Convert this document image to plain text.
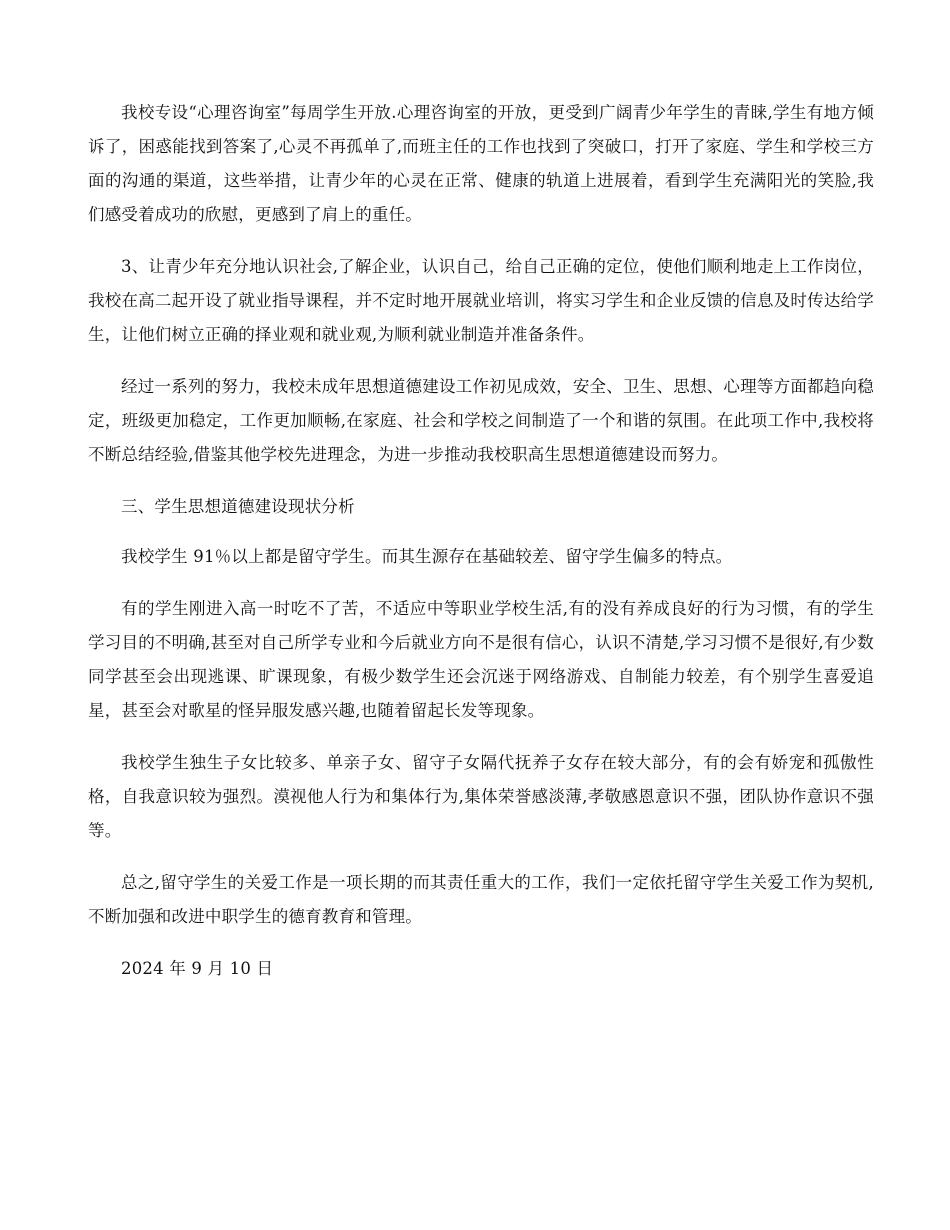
我校专设“心理咨询室”每周学生开放.心理咨询室的开放，更受到广阔青少年学生的青睐,学生有地方倾诉了，困惑能找到答案了,心灵不再孤单了,而班主任的工作也找到了突破口，打开了家庭、学生和学校三方面的沟通的渠道，这些举措，让青少年的心灵在正常、健康的轨道上进展着，看到学生充满阳光的笑脸,我们感受着成功的欣慰，更感到了肩上的重任。

3、让青少年充分地认识社会,了解企业，认识自己，给自己正确的定位，使他们顺利地走上工作岗位，我校在高二起开设了就业指导课程，并不定时地开展就业培训，将实习学生和企业反馈的信息及时传达给学生，让他们树立正确的择业观和就业观,为顺利就业制造并准备条件。

经过一系列的努力，我校未成年思想道德建设工作初见成效，安全、卫生、思想、心理等方面都趋向稳定，班级更加稳定，工作更加顺畅,在家庭、社会和学校之间制造了一个和谐的氛围。在此项工作中,我校将不断总结经验,借鉴其他学校先进理念，为进一步推动我校职高生思想道德建设而努力。

三、学生思想道德建设现状分析

我校学生 91％以上都是留守学生。而其生源存在基础较差、留守学生偏多的特点。

有的学生刚进入高一时吃不了苦，不适应中等职业学校生活,有的没有养成良好的行为习惯，有的学生学习目的不明确,甚至对自己所学专业和今后就业方向不是很有信心，认识不清楚,学习习惯不是很好,有少数同学甚至会出现逃课、旷课现象，有极少数学生还会沉迷于网络游戏、自制能力较差，有个别学生喜爱追星，甚至会对歌星的怪异服发感兴趣,也随着留起长发等现象。

我校学生独生子女比较多、单亲子女、留守子女隔代抚养子女存在较大部分，有的会有娇宠和孤傲性格，自我意识较为强烈。漠视他人行为和集体行为,集体荣誉感淡薄,孝敬感恩意识不强，团队协作意识不强等。

总之,留守学生的关爱工作是一项长期的而其责任重大的工作，我们一定依托留守学生关爱工作为契机,不断加强和改进中职学生的德育教育和管理。

2024 年 9 月 10 日
